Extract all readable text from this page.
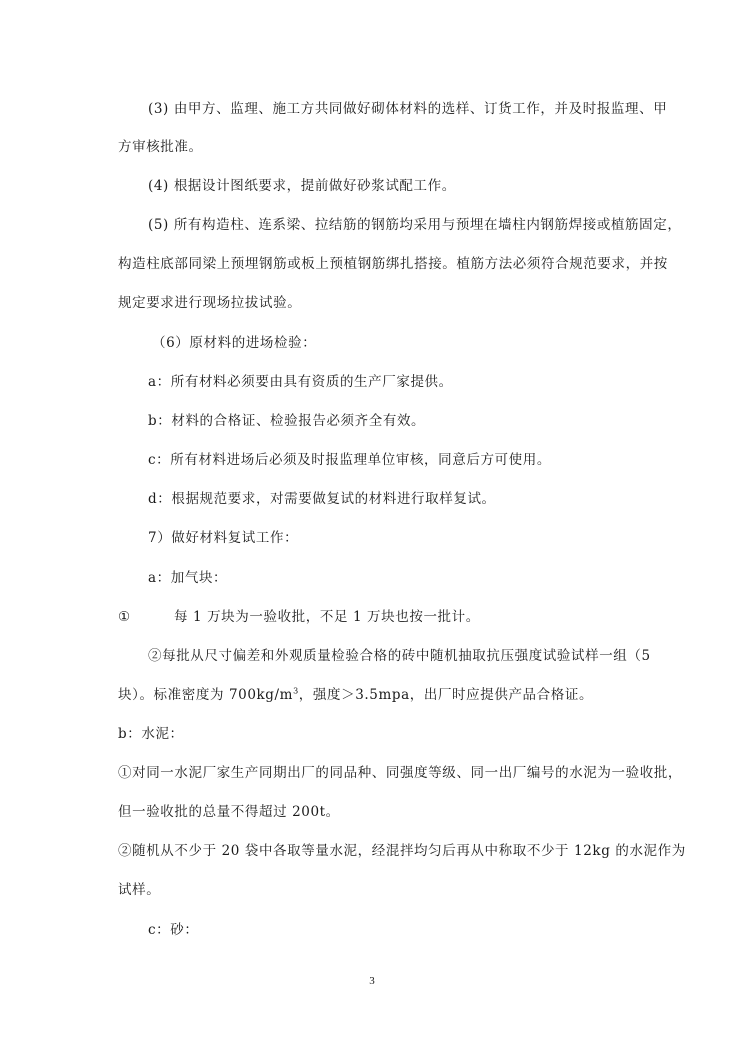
(3) 由甲方、监理、施工方共同做好砌体材料的选样、订货工作，并及时报监理、甲
方审核批准。
(4) 根据设计图纸要求，提前做好砂浆试配工作。
(5) 所有构造柱、连系梁、拉结筋的钢筋均采用与预埋在墙柱内钢筋焊接或植筋固定，
构造柱底部同梁上预埋钢筋或板上预植钢筋绑扎搭接。植筋方法必须符合规范要求，并按
规定要求进行现场拉拔试验。
（6）原材料的进场检验：
a：所有材料必须要由具有资质的生产厂家提供。
b：材料的合格证、检验报告必须齐全有效。
c：所有材料进场后必须及时报监理单位审核，同意后方可使用。
d：根据规范要求，对需要做复试的材料进行取样复试。
7）做好材料复试工作：
a：加气块：
①	每 1 万块为一验收批，不足 1 万块也按一批计。
②每批从尺寸偏差和外观质量检验合格的砖中随机抽取抗压强度试验试样一组（5
块）。标准密度为 $700kg/m^3$，强度＞3.5mpa，出厂时应提供产品合格证。
b：水泥：
①对同一水泥厂家生产同期出厂的同品种、同强度等级、同一出厂编号的水泥为一验收批，
但一验收批的总量不得超过 200t。
②随机从不少于 20 袋中各取等量水泥，经混拌均匀后再从中称取不少于 12kg 的水泥作为
试样。
c：砂：
3
